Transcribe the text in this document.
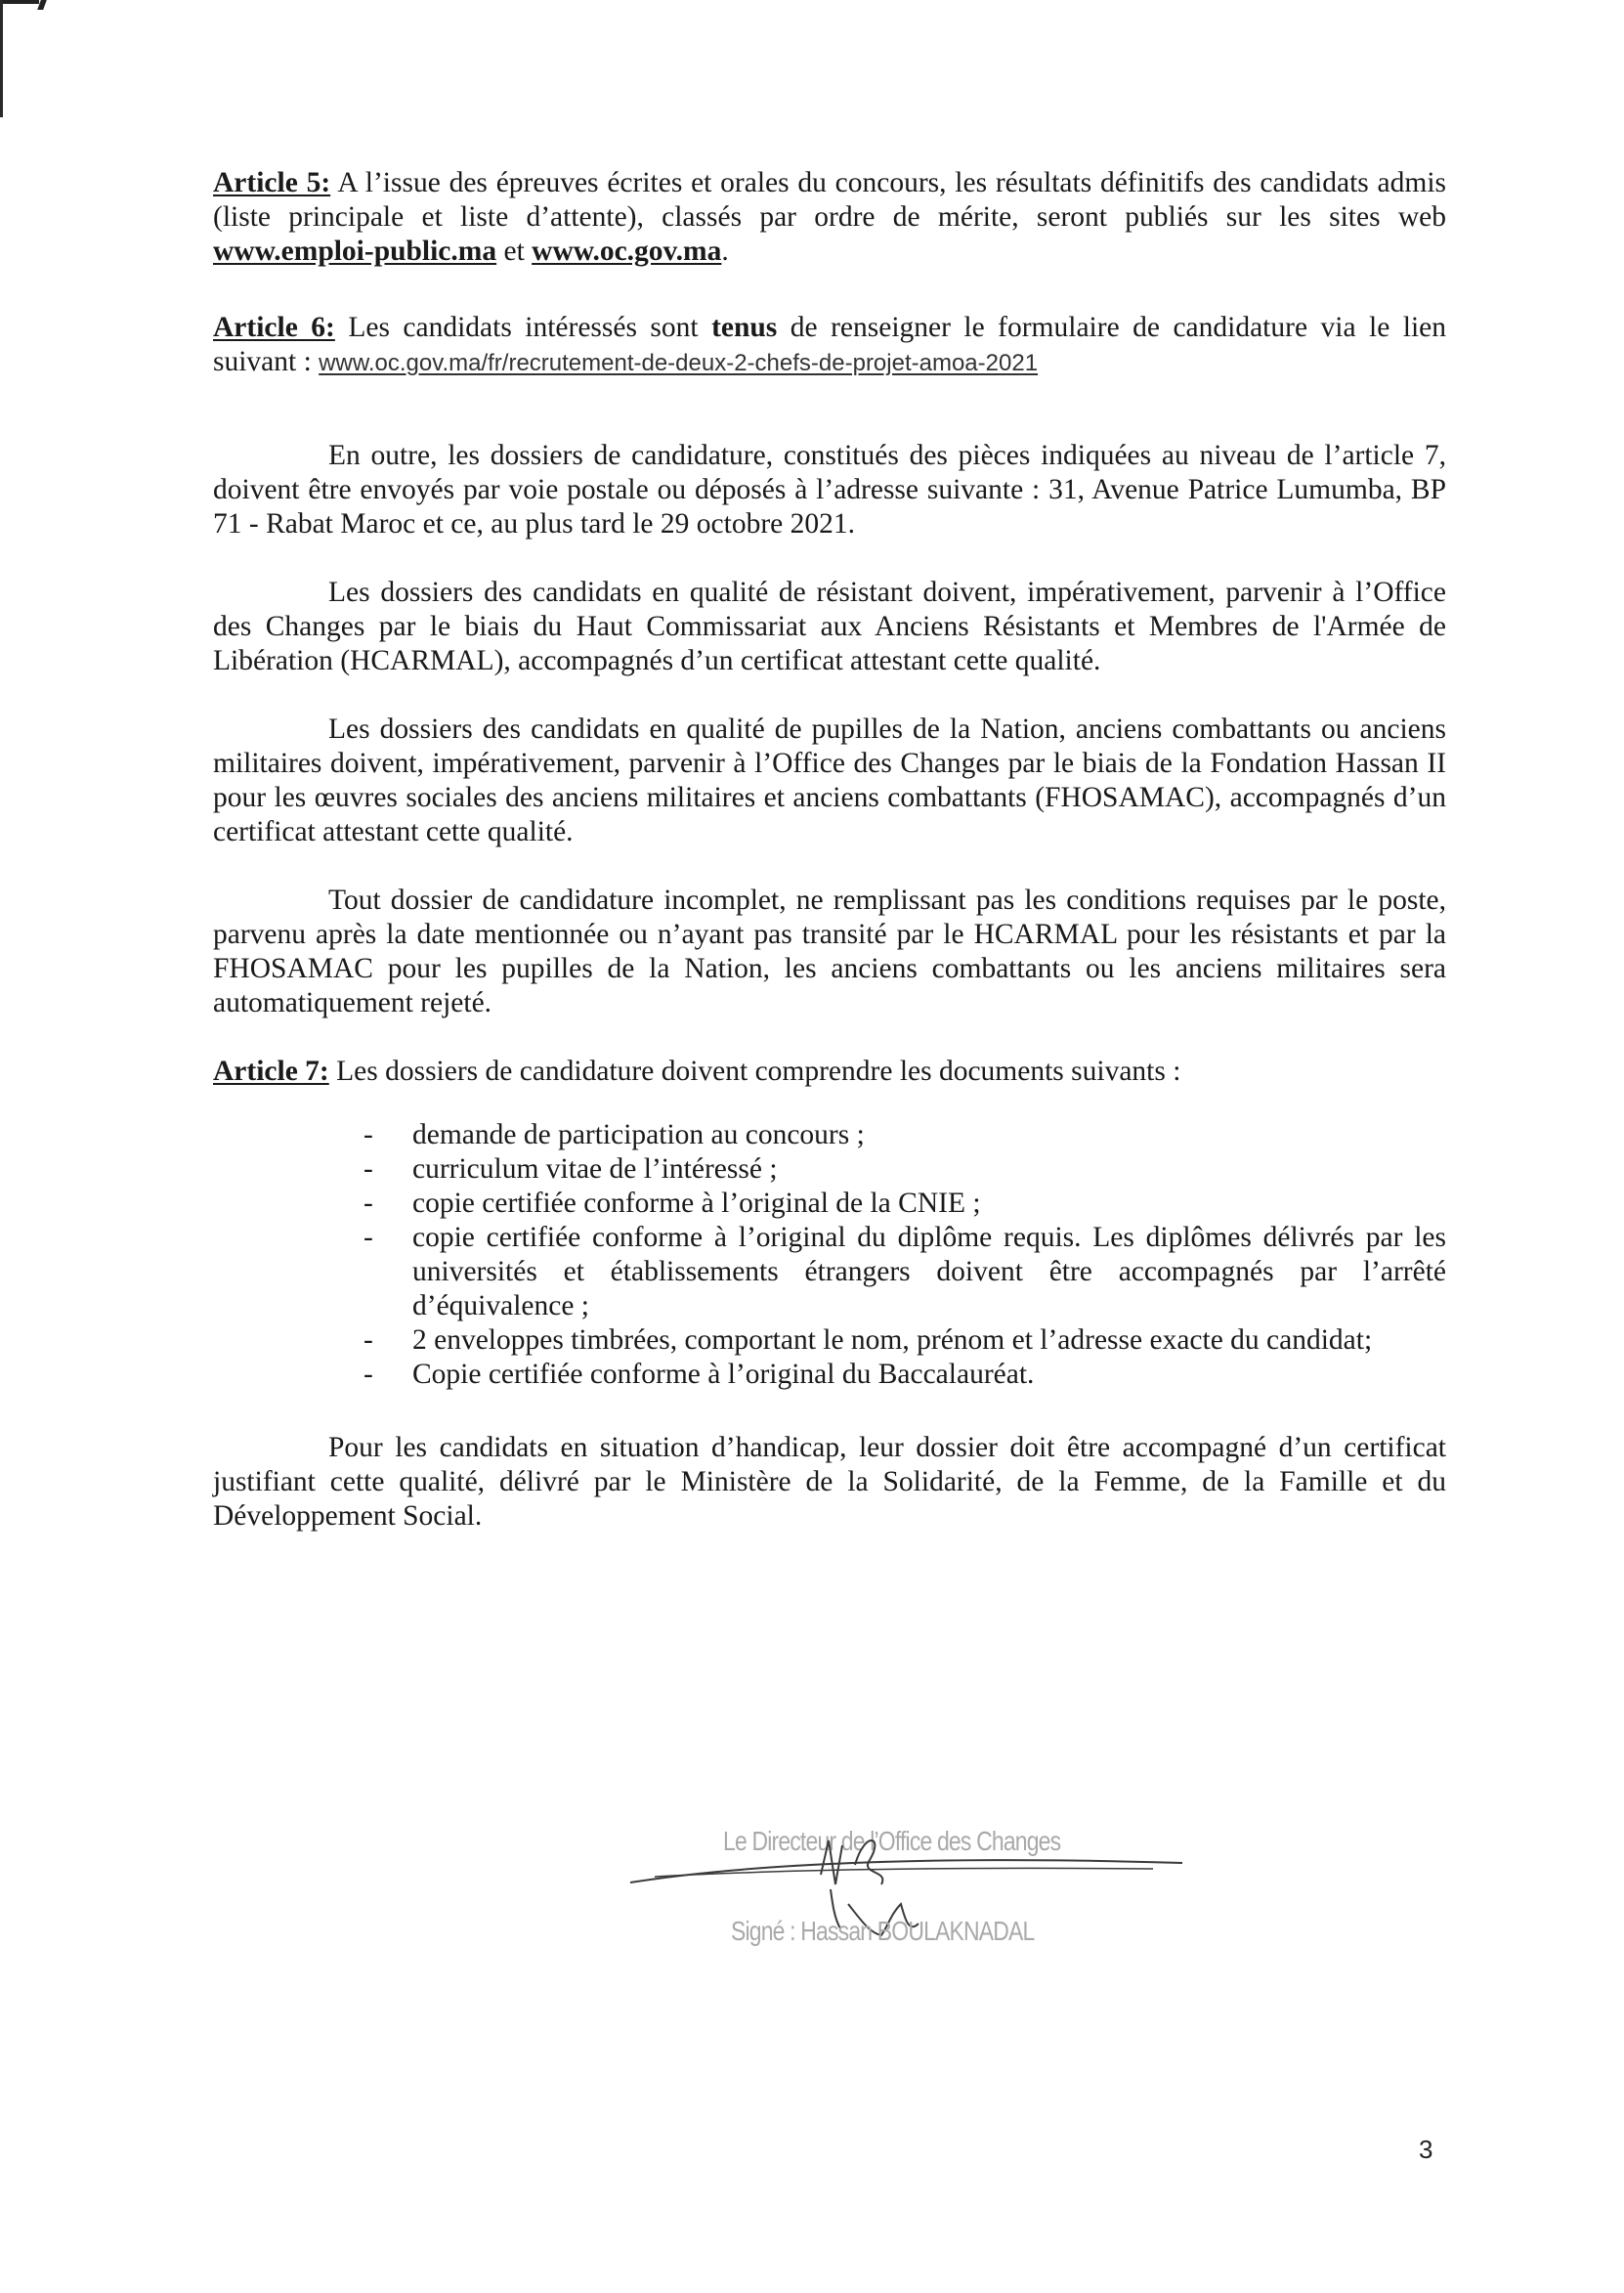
Article 5: A l’issue des épreuves écrites et orales du concours, les résultats définitifs des candidats admis (liste principale et liste d’attente), classés par ordre de mérite, seront publiés sur les sites web www.emploi-public.ma et www.oc.gov.ma.

Article 6: Les candidats intéressés sont tenus de renseigner le formulaire de candidature via le lien suivant : www.oc.gov.ma/fr/recrutement-de-deux-2-chefs-de-projet-amoa-2021

En outre, les dossiers de candidature, constitués des pièces indiquées au niveau de l’article 7, doivent être envoyés par voie postale ou déposés à l’adresse suivante : 31, Avenue Patrice Lumumba, BP 71 - Rabat Maroc et ce, au plus tard le 29 octobre 2021.

Les dossiers des candidats en qualité de résistant doivent, impérativement, parvenir à l’Office des Changes par le biais du Haut Commissariat aux Anciens Résistants et Membres de l'Armée de Libération (HCARMAL), accompagnés d’un certificat attestant cette qualité.

Les dossiers des candidats en qualité de pupilles de la Nation, anciens combattants ou anciens militaires doivent, impérativement, parvenir à l’Office des Changes par le biais de la Fondation Hassan II pour les œuvres sociales des anciens militaires et anciens combattants (FHOSAMAC), accompagnés d’un certificat attestant cette qualité.

Tout dossier de candidature incomplet, ne remplissant pas les conditions requises par le poste, parvenu après la date mentionnée ou n’ayant pas transité par le HCARMAL pour les résistants et par la FHOSAMAC pour les pupilles de la Nation, les anciens combattants ou les anciens militaires sera automatiquement rejeté.

Article 7: Les dossiers de candidature doivent comprendre les documents suivants :

- demande de participation au concours ;
- curriculum vitae de l’intéressé ;
- copie certifiée conforme à l’original de la CNIE ;
- copie certifiée conforme à l’original du diplôme requis. Les diplômes délivrés par les universités et établissements étrangers doivent être accompagnés par l’arrêté d’équivalence ;
- 2 enveloppes timbrées, comportant le nom, prénom et l’adresse exacte du candidat;
- Copie certifiée conforme à l’original du Baccalauréat.

Pour les candidats en situation d’handicap, leur dossier doit être accompagné d’un certificat justifiant cette qualité, délivré par le Ministère de la Solidarité, de la Femme, de la Famille et du Développement Social.

Le Directeur de l’Office des Changes
Signé : Hassan BOULAKNADAL
3
